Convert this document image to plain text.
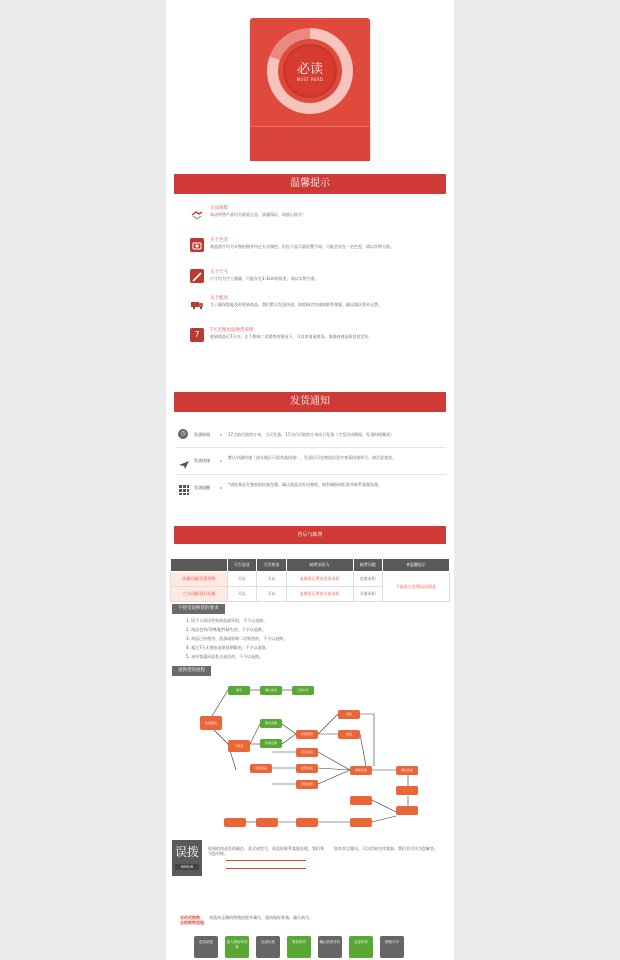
必读
MUST READ
温馨提示
正品保障
本店所售产品均为原装正品，质量保证，请放心购买！
关于色差
商品图片均为实物拍摄并经过专业调色，但由于显示器设置不同，可能会存在一定色差，请以实物为准。
关于尺寸
尺寸均为手工测量，可能存在1-3cm的误差，请以实物为准。
关于配送
为了确保您能及时收到商品，我们默认发货快递，如需指定快递请联系客服，偏远地区需补运费。
7	7天无理由退换货说明
收到商品后7天内，在不影响二次销售的情况下，可以申请退换货。请保持商品原包装完好。
发货通知
◷	发货时间	▸ 17点前付款的订单，当天发货，17点后付款的订单次日发货（大型活动期间，发货时间顺延）
发货快递	▸
默认申通快递（部分地区可选其他快递），发货后可在物流信息中查看快递单号，请注意查收。
发货提醒	▸
*请您务必在签收前检查包裹，确认商品完好再签收，如有破损请拒收并联系客服处理。
售后与邮费
	可否退货	可否换货	邮费承担方	邮费问题	※温馨提示
质量问题/发错货物	可以	可以	退换货运费由卖家承担	卖家承担	不能私自处理退回商品
大小问题/喜好问题	可以	可以	退换货运费由买家承担	买家承担	
不接受退换货的要求
1. 因个人原因导致商品损坏的，不予以退换。
2. 商品包装/吊牌/配件缺失的，不予以退换。
3. 商品已经使用、洗涤或影响二次销售的，不予以退换。
4. 超过7天无理由退换货期限的，不予以退换。
5. 未经客服同意私自退回的，不予以退换。
退换货的流程
收到商品
满意	确认收货	五星好评
联系客服
协商处理
退货
换货
不满意
申请退款
寄回商品
卖家签收
处理完成
退款到账
重新发货	确认收货
误拨
ERROR
收到的商品发错颜色、款式或型号，请及时联系客服处理，我们将为您更换。
如有其它疑问，可以咨询在线客服，我们会尽快为您解答。
自动式购物： 请选择正确的购物流程并确认，提前做好准备，确认购买。
自助购物流程：
进店浏览	加入购物车结算
完成付款	等待收货	确认收货评价	五星好评	购物分享
